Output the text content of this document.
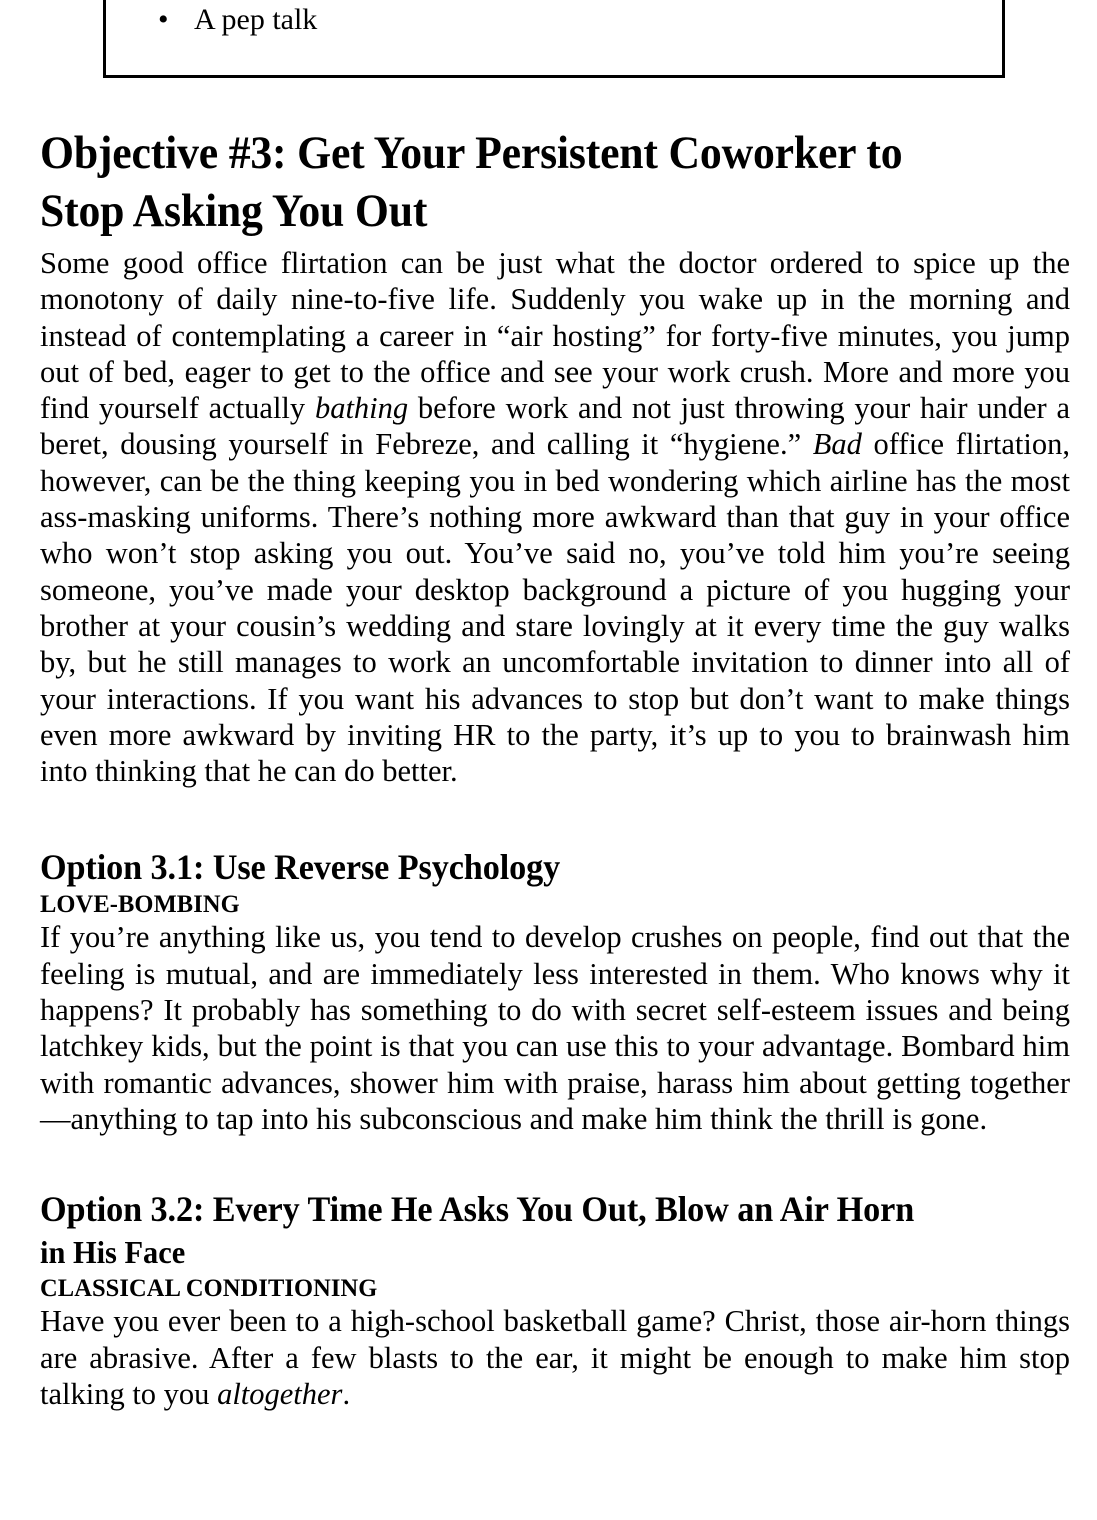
• A pep talk
Objective #3: Get Your Persistent Coworker to Stop Asking You Out

Some good office flirtation can be just what the doctor ordered to spice up the monotony of daily nine-to-five life. Suddenly you wake up in the morning and instead of contemplating a career in “air hosting” for forty-five minutes, you jump out of bed, eager to get to the office and see your work crush. More and more you find yourself actually bathing before work and not just throwing your hair under a beret, dousing yourself in Febreze, and calling it “hygiene.” Bad office flirtation, however, can be the thing keeping you in bed wondering which airline has the most ass-masking uniforms. There’s nothing more awkward than that guy in your office who won’t stop asking you out. You’ve said no, you’ve told him you’re seeing someone, you’ve made your desktop background a picture of you hugging your brother at your cousin’s wedding and stare lovingly at it every time the guy walks by, but he still manages to work an uncomfortable invitation to dinner into all of your interactions. If you want his advances to stop but don’t want to make things even more awkward by inviting HR to the party, it’s up to you to brainwash him into thinking that he can do better.

Option 3.1: Use Reverse Psychology
LOVE-BOMBING

If you’re anything like us, you tend to develop crushes on people, find out that the feeling is mutual, and are immediately less interested in them. Who knows why it happens? It probably has something to do with secret self-esteem issues and being latchkey kids, but the point is that you can use this to your advantage. Bombard him with romantic advances, shower him with praise, harass him about getting together—anything to tap into his subconscious and make him think the thrill is gone.

Option 3.2: Every Time He Asks You Out, Blow an Air Horn
in His Face
CLASSICAL CONDITIONING

Have you ever been to a high-school basketball game? Christ, those air-horn things are abrasive. After a few blasts to the ear, it might be enough to make him stop talking to you altogether.
